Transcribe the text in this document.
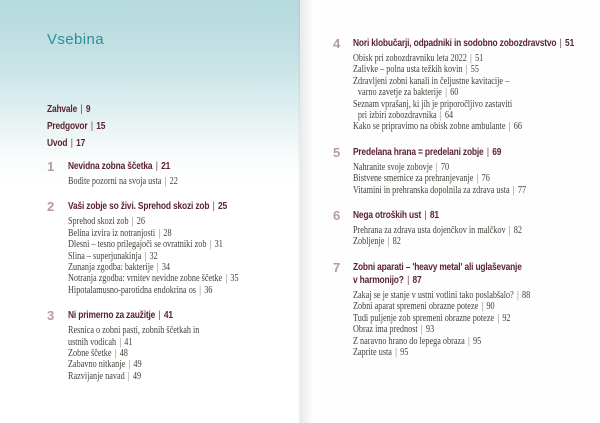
Vsebina
Zahvale | 9
Predgovor | 15
Uvod | 17
1	Nevidna zobna ščetka | 21
Bodite pozorni na svoja usta | 22
2	Vaši zobje so živi. Sprehod skozi zob | 25
Sprehod skozi zob | 26
Belina izvira iz notranjosti | 28
Dlesni – tesno prilegajoči se ovratniki zob | 31
Slina – superjunakinja | 32
Zunanja zgodba: bakterije | 34
Notranja zgodba: vrnitev nevidne zobne ščetke | 35
Hipotalamusno-parotidna endokrina os | 36
3	Ni primerno za zaužitje | 41
Resnica o zobni pasti, zobnih ščetkah in
ustnih vodicah | 41
Zobne ščetke | 48
Zabavno nitkanje | 49
Razvijanje navad | 49
4	Nori klobučarji, odpadniki in sodobno zobozdravstvo | 51
Obisk pri zobozdravniku leta 2022 | 51
Zalivke – polna usta težkih kovin | 55
Zdravljeni zobni kanali in čeljustne kavitacije –
varno zavetje za bakterije | 60
Seznam vprašanj, ki jih je priporočljivo zastaviti
pri izbiri zobozdravnika | 64
Kako se pripravimo na obisk zobne ambulante | 66
5	Predelana hrana = predelani zobje | 69
Nahranite svoje zobovje | 70
Bistvene smernice za prehranjevanje | 76
Vitamini in prehranska dopolnila za zdrava usta | 77
6	Nega otroških ust | 81
Prehrana za zdrava usta dojenčkov in malčkov | 82
Zobljenje | 82
7	Zobni aparati – 'heavy metal' ali uglaševanje
v harmonijo? | 87
Zakaj se je stanje v ustni votlini tako poslabšalo? | 88
Zobni aparat spremeni obrazne poteze | 90
Tudi puljenje zob spremeni obrazne poteze | 92
Obraz ima prednost | 93
Z naravno hrano do lepega obraza | 95
Zaprite usta | 95
